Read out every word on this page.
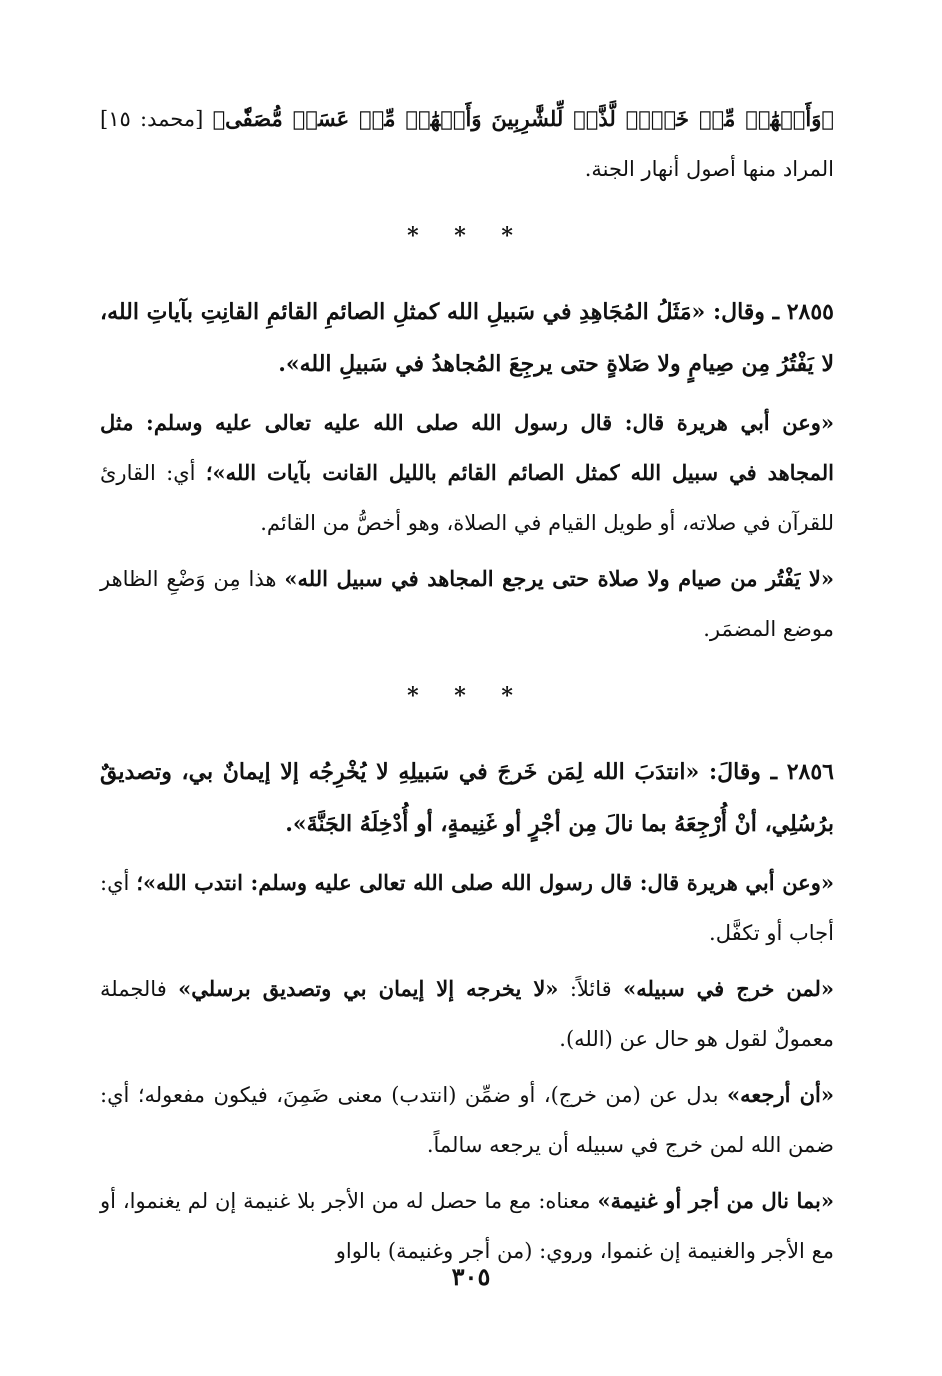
﴿وَأَنۡهَٰرٞ مِّنۡ خَمۡرٖ لَّذَّةٖ لِّلشَّٰرِبِينَ وَأَنۡهَٰرٞ مِّنۡ عَسَلٖ مُّصَفّٗى﴾ [محمد: ١٥] المراد منها أصول أنهار الجنة.

* * *

٢٨٥٥ ـ وقال: «مَثَلُ المُجَاهِدِ في سَبيلِ الله كمثلِ الصائمِ القائمِ القانِتِ بآياتِ الله، لا يَفْتُرُ مِن صِيامٍ ولا صَلاةٍ حتى يرجِعَ المُجاهدُ في سَبيلِ الله».

«وعن أبي هريرة قال: قال رسول الله صلى الله عليه تعالى عليه وسلم: مثل المجاهد في سبيل الله كمثل الصائم القائم بالليل القانت بآيات الله»؛ أي: القارئ للقرآن في صلاته، أو طويل القيام في الصلاة، وهو أخصُّ من القائم.

«لا يَفْتُر من صيام ولا صلاة حتى يرجع المجاهد في سبيل الله» هذا مِن وَضْعِ الظاهر موضع المضمَر.

* * *

٢٨٥٦ ـ وقالَ: «انتدَبَ الله لِمَن خَرجَ في سَبيلِهِ لا يُخْرِجُه إلا إيمانٌ بي، وتصديقٌ برُسُلِي، أنْ أُرْجِعَهُ بما نالَ مِن أجْرٍ أو غَنِيمةٍ، أو أُدْخِلَهُ الجَنَّةَ».

«وعن أبي هريرة قال: قال رسول الله صلى الله تعالى عليه وسلم: انتدب الله»؛ أي: أجاب أو تكفَّل.

«لمن خرج في سبيله» قائلاً: «لا يخرجه إلا إيمان بي وتصديق برسلي» فالجملة معمولٌ لقول هو حال عن (الله).

«أن أرجعه» بدل عن (من خرج)، أو ضمِّن (انتدب) معنى ضَمِنَ، فيكون مفعوله؛ أي: ضمن الله لمن خرج في سبيله أن يرجعه سالماً.

«بما نال من أجر أو غنيمة» معناه: مع ما حصل له من الأجر بلا غنيمة إن لم يغنموا، أو مع الأجر والغنيمة إن غنموا، وروي: (من أجر وغنيمة) بالواو

٣٠٥
